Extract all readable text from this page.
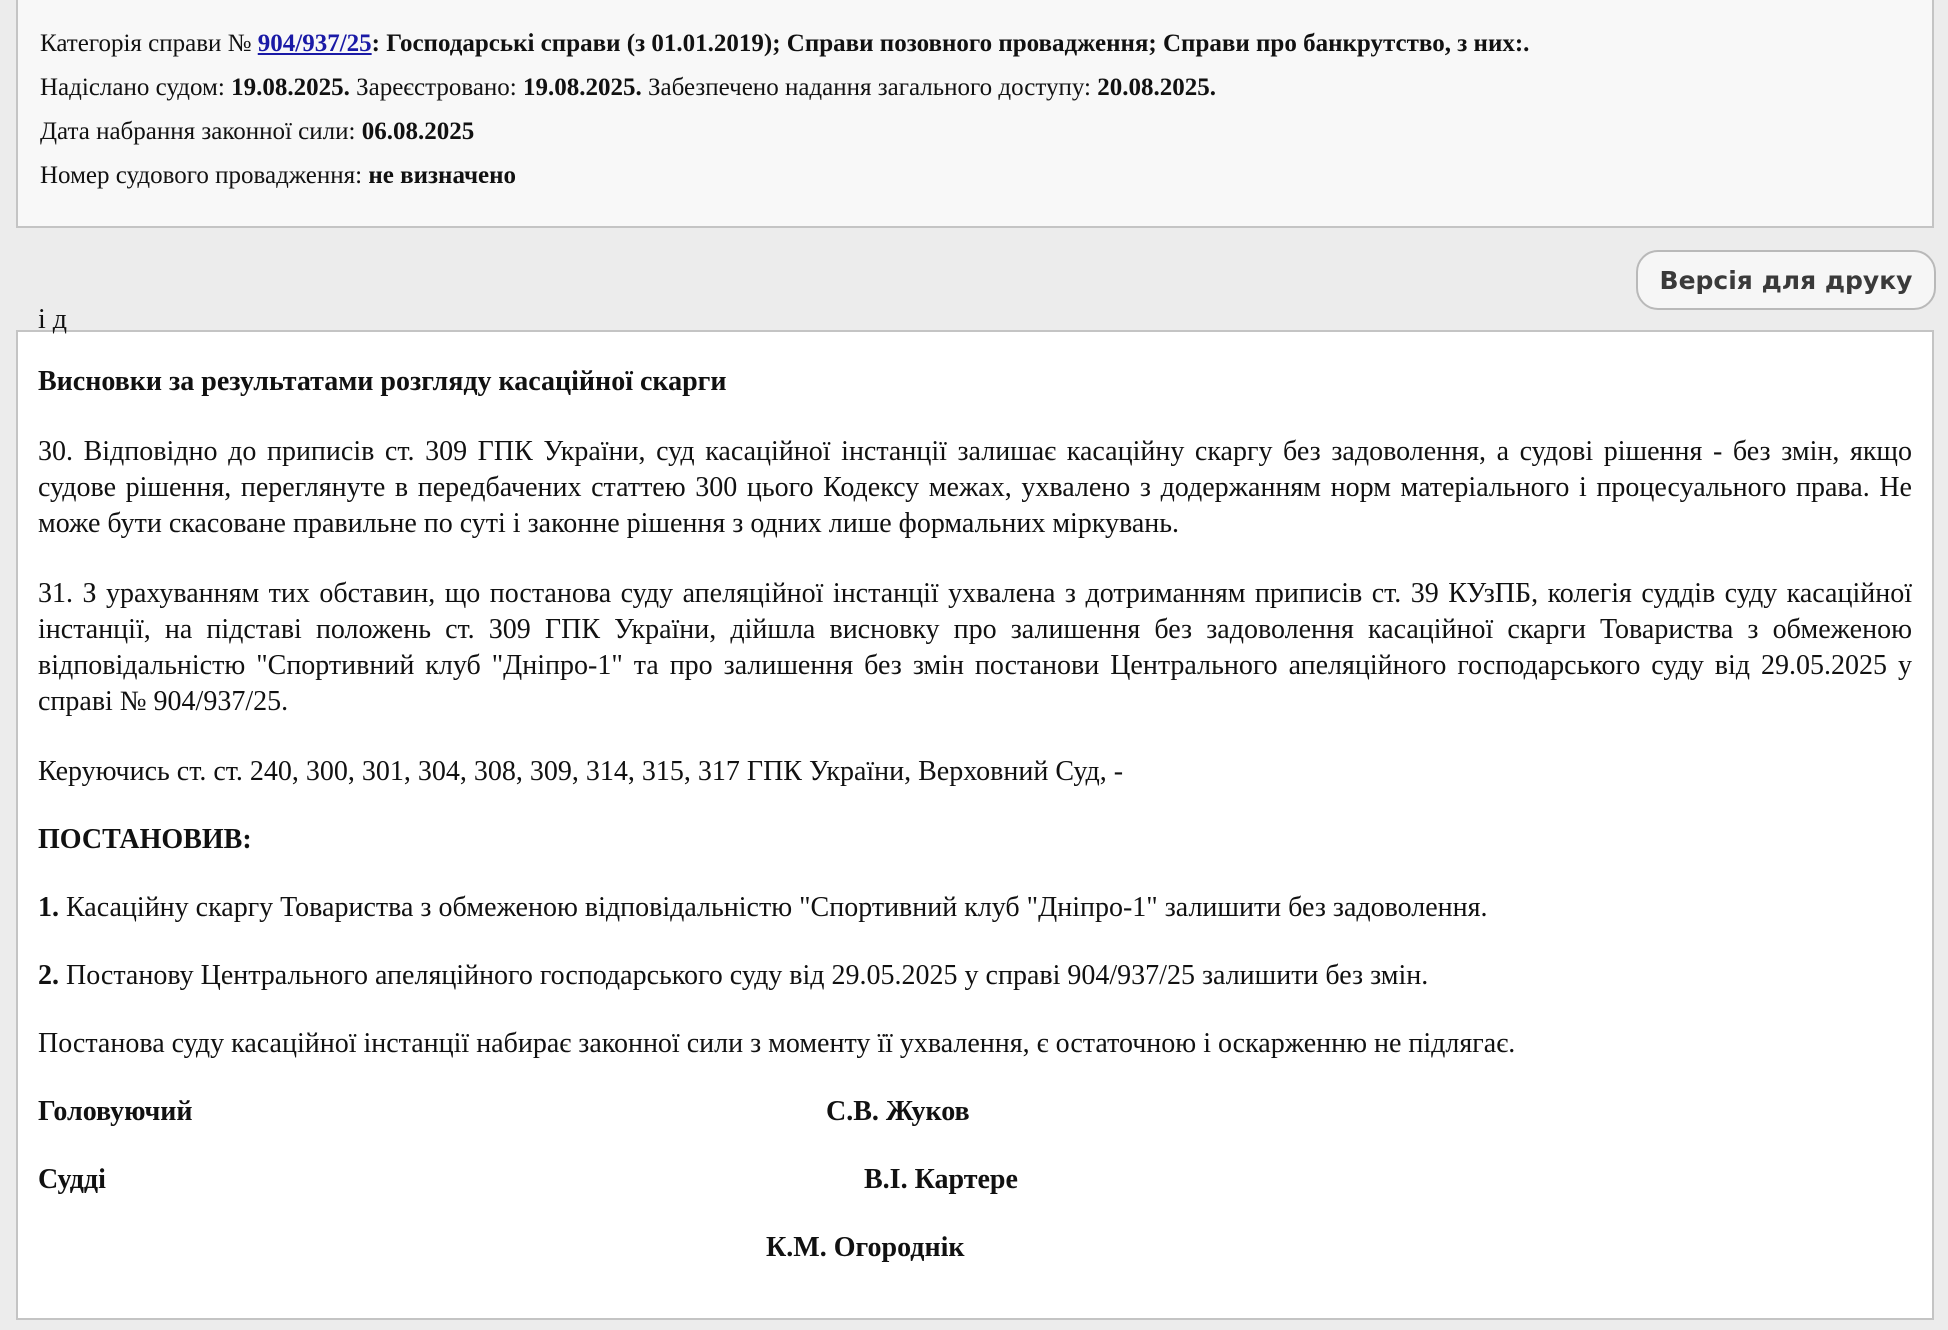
Категорія справи № 904/937/25: Господарські справи (з 01.01.2019); Справи позовного провадження; Справи про банкрутство, з них:.
Надіслано судом: 19.08.2025. Зареєстровано: 19.08.2025. Забезпечено надання загального доступу: 20.08.2025.
Дата набрання законної сили: 06.08.2025
Номер судового провадження: не визначено
Версія для друку
і д
Висновки за результатами розгляду касаційної скарги
30. Відповідно до приписів ст. 309 ГПК України, суд касаційної інстанції залишає касаційну скаргу без задоволення, а судові рішення - без змін, якщо судове рішення, переглянуте в передбачених статтею 300 цього Кодексу межах, ухвалено з додержанням норм матеріального і процесуального права. Не може бути скасоване правильне по суті і законне рішення з одних лише формальних міркувань.
31. З урахуванням тих обставин, що постанова суду апеляційної інстанції ухвалена з дотриманням приписів ст. 39 КУзПБ, колегія суддів суду касаційної інстанції, на підставі положень ст. 309 ГПК України, дійшла висновку про залишення без задоволення касаційної скарги Товариства з обмеженою відповідальністю "Спортивний клуб "Дніпро-1" та про залишення без змін постанови Центрального апеляційного господарського суду від 29.05.2025 у справі № 904/937/25.
Керуючись ст. ст. 240, 300, 301, 304, 308, 309, 314, 315, 317 ГПК України, Верховний Суд, -
ПОСТАНОВИВ:
1. Касаційну скаргу Товариства з обмеженою відповідальністю "Спортивний клуб "Дніпро-1" залишити без задоволення.
2. Постанову Центрального апеляційного господарського суду від 29.05.2025 у справі 904/937/25 залишити без змін.
Постанова суду касаційної інстанції набирає законної сили з моменту її ухвалення, є остаточною і оскарженню не підлягає.
Головуючий	С.В. Жуков
Судді	В.І. Картере
К.М. Огороднік
